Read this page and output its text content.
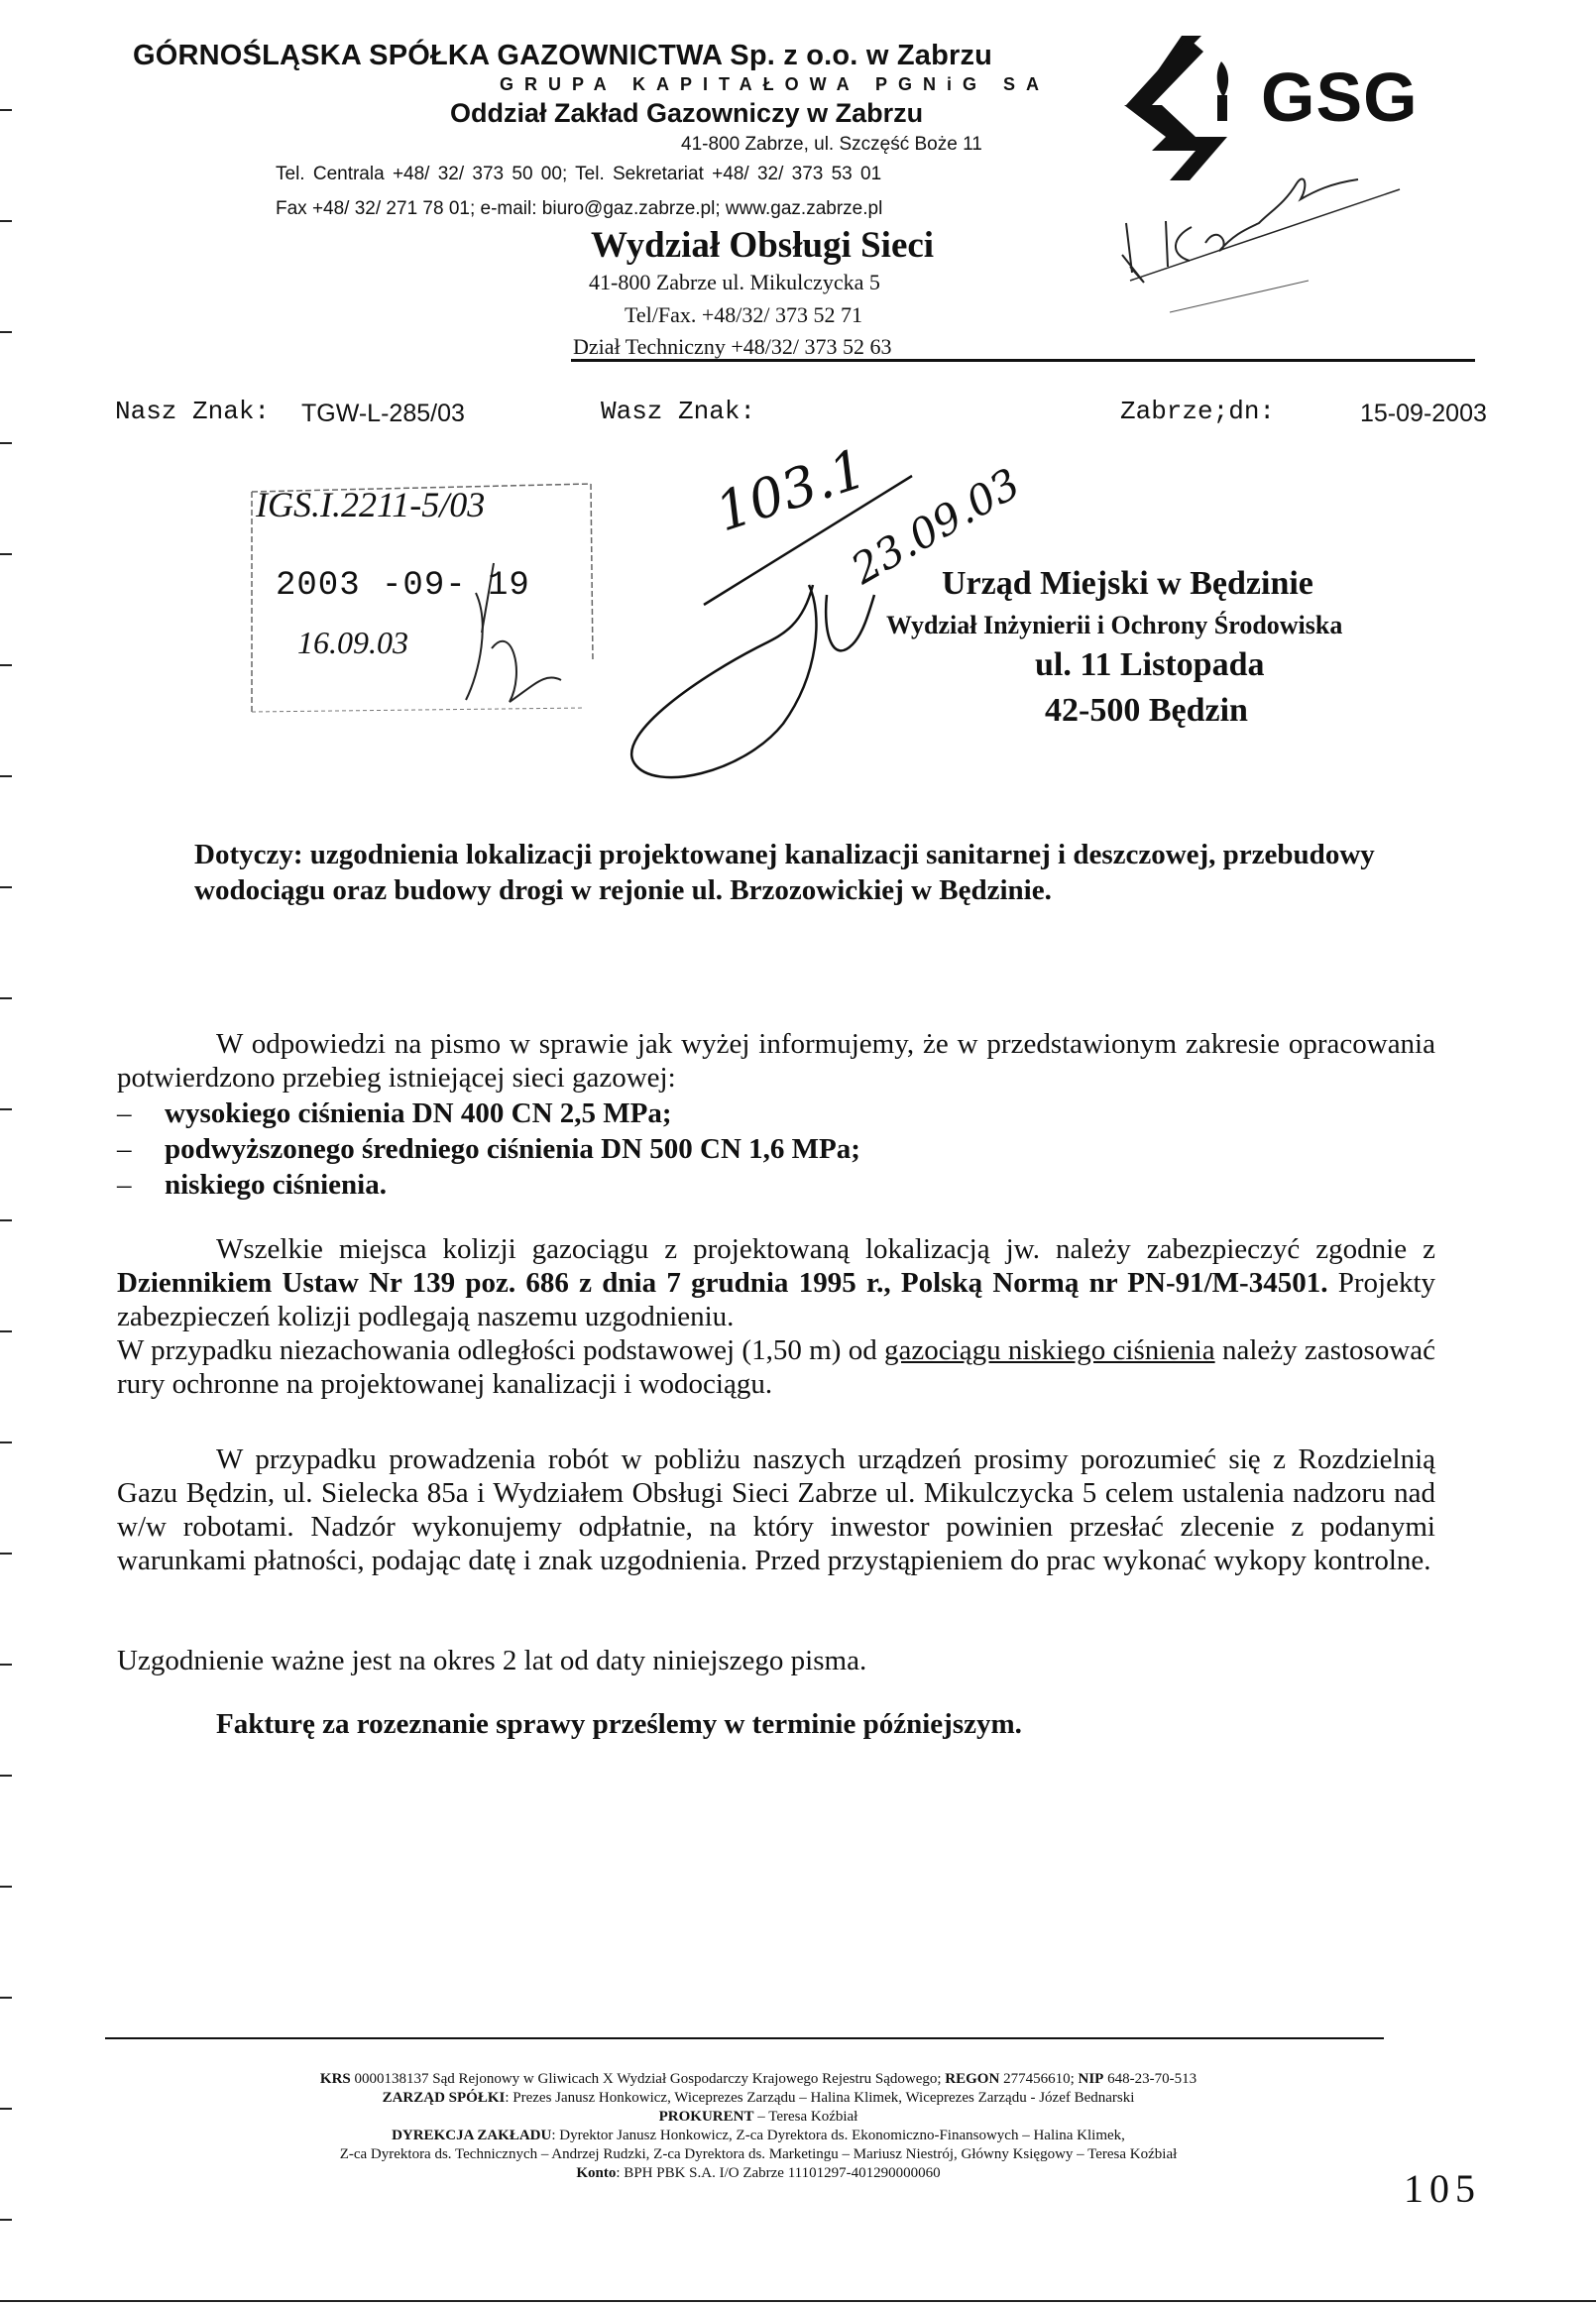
GÓRNOŚLĄSKA SPÓŁKA GAZOWNICTWA Sp. z o.o. w Zabrzu
GRUPA KAPITAŁOWA PGNiG SA
Oddział Zakład Gazowniczy w Zabrzu
41-800 Zabrze, ul. Szczęść Boże 11
Tel. Centrala +48/ 32/ 373 50 00; Tel. Sekretariat +48/ 32/ 373 53 01
Fax +48/ 32/ 271 78 01; e-mail: biuro@gaz.zabrze.pl; www.gaz.zabrze.pl
Wydział Obsługi Sieci
41-800 Zabrze ul. Mikulczycka 5
Tel/Fax. +48/32/ 373 52 71
Dział Techniczny +48/32/ 373 52 63
GSG
Nasz Znak: TGW-L-285/03	Wasz Znak:	Zabrze;dn:	15-09-2003
IGS.I.2211-5/03
2003 -09- 19
16.09.03
103.1
23.09.03
Urząd Miejski w Będzinie
Wydział Inżynierii i Ochrony Środowiska
ul. 11 Listopada
42-500 Będzin
Dotyczy: uzgodnienia lokalizacji projektowanej kanalizacji sanitarnej i deszczowej, przebudowy wodociągu oraz budowy drogi w rejonie ul. Brzozowickiej w Będzinie.
W odpowiedzi na pismo w sprawie jak wyżej informujemy, że w przedstawionym zakresie opracowania potwierdzono przebieg istniejącej sieci gazowej:
– wysokiego ciśnienia DN 400 CN 2,5 MPa;
– podwyższonego średniego ciśnienia DN 500 CN 1,6 MPa;
– niskiego ciśnienia.
Wszelkie miejsca kolizji gazociągu z projektowaną lokalizacją jw. należy zabezpieczyć zgodnie z Dziennikiem Ustaw Nr 139 poz. 686 z dnia 7 grudnia 1995 r., Polską Normą nr PN-91/M-34501. Projekty zabezpieczeń kolizji podlegają naszemu uzgodnieniu.
W przypadku niezachowania odległości podstawowej (1,50 m) od gazociągu niskiego ciśnienia należy zastosować rury ochronne na projektowanej kanalizacji i wodociągu.
W przypadku prowadzenia robót w pobliżu naszych urządzeń prosimy porozumieć się z Rozdzielnią Gazu Będzin, ul. Sielecka 85a i Wydziałem Obsługi Sieci Zabrze ul. Mikulczycka 5 celem ustalenia nadzoru nad w/w robotami. Nadzór wykonujemy odpłatnie, na który inwestor powinien przesłać zlecenie z podanymi warunkami płatności, podając datę i znak uzgodnienia. Przed przystąpieniem do prac wykonać wykopy kontrolne.
Uzgodnienie ważne jest na okres 2 lat od daty niniejszego pisma.
Fakturę za rozeznanie sprawy prześlemy w terminie późniejszym.
KRS 0000138137 Sąd Rejonowy w Gliwicach X Wydział Gospodarczy Krajowego Rejestru Sądowego; REGON 277456610; NIP 648-23-70-513
ZARZĄD SPÓŁKI: Prezes Janusz Honkowicz, Wiceprezes Zarządu – Halina Klimek, Wiceprezes Zarządu - Józef Bednarski
PROKURENT – Teresa Koźbiał
DYREKCJA ZAKŁADU: Dyrektor Janusz Honkowicz, Z-ca Dyrektora ds. Ekonomiczno-Finansowych – Halina Klimek,
Z-ca Dyrektora ds. Technicznych – Andrzej Rudzki, Z-ca Dyrektora ds. Marketingu – Mariusz Niestrój, Główny Księgowy – Teresa Koźbiał
Konto: BPH PBK S.A. I/O Zabrze 11101297-401290000060	105
